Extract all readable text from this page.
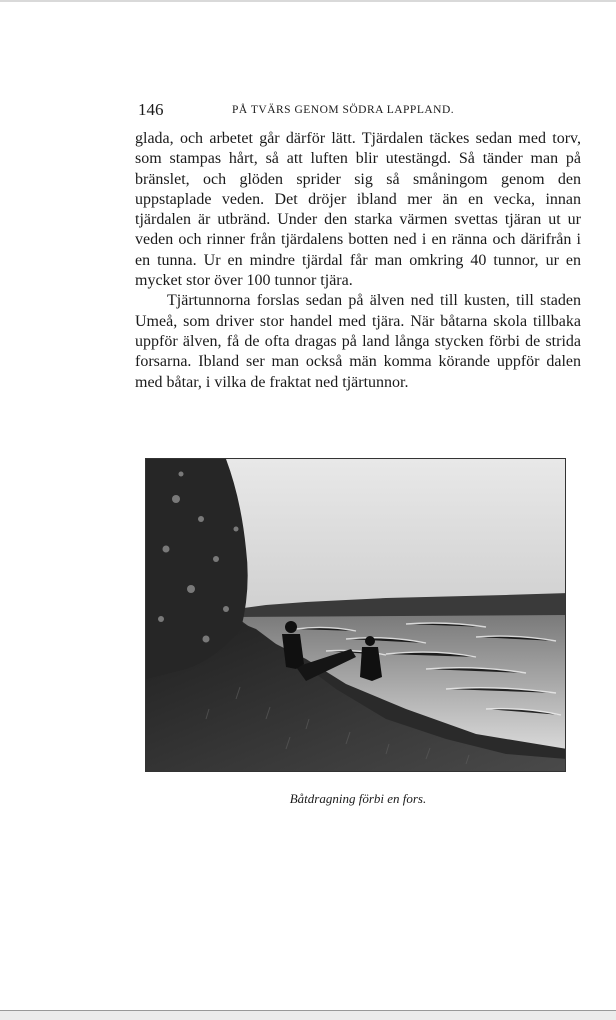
146	PÅ TVÄRS GENOM SÖDRA LAPPLAND.

glada, och arbetet går därför lätt. Tjärdalen täckes sedan med torv, som stampas hårt, så att luften blir utestängd. Så tänder man på bränslet, och glöden sprider sig så småningom genom den uppstaplade veden. Det dröjer ibland mer än en vecka, innan tjärdalen är utbränd. Under den starka värmen svettas tjäran ut ur veden och rinner från tjärdalens botten ned i en ränna och därifrån i en tunna. Ur en mindre tjärdal får man omkring 40 tunnor, ur en mycket stor över 100 tunnor tjära.

Tjärtunnorna forslas sedan på älven ned till kusten, till staden Umeå, som driver stor handel med tjära. När båtarna skola tillbaka uppför älven, få de ofta dragas på land långa stycken förbi de strida forsarna. Ibland ser man också män komma körande uppför dalen med båtar, i vilka de fraktat ned tjärtunnor.

Båtdragning förbi en fors.
